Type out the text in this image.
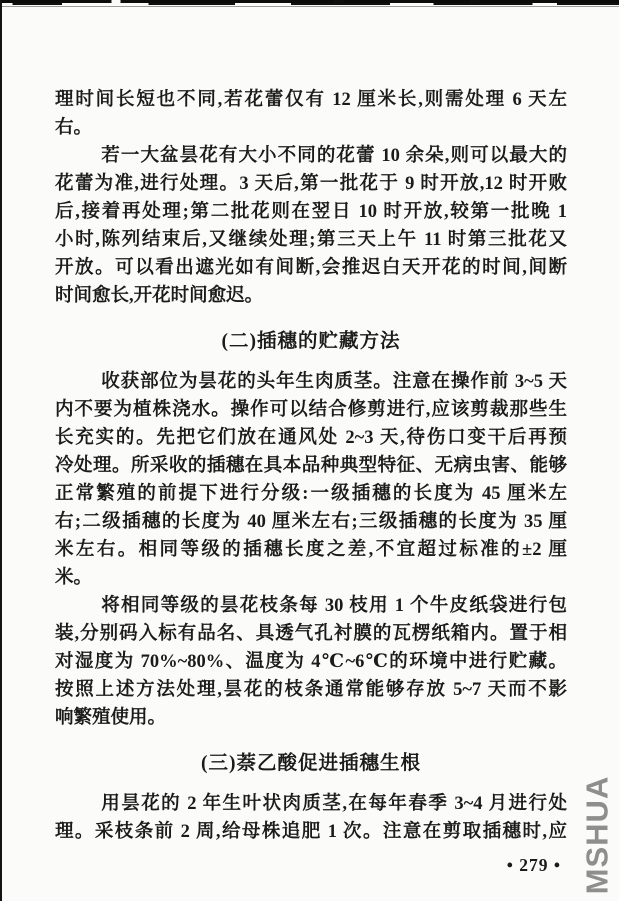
理时间长短也不同,若花蕾仅有 12 厘米长,则需处理 6 天左
右。
若一大盆昙花有大小不同的花蕾 10 余朵,则可以最大的
花蕾为准,进行处理。3 天后,第一批花于 9 时开放,12 时开败
后,接着再处理;第二批花则在翌日 10 时开放,较第一批晚 1
小时,陈列结束后,又继续处理;第三天上午 11 时第三批花又
开放。可以看出遮光如有间断,会推迟白天开花的时间,间断
时间愈长,开花时间愈迟。
(二)插穗的贮藏方法
收获部位为昙花的头年生肉质茎。注意在操作前 3~5 天
内不要为植株浇水。操作可以结合修剪进行,应该剪裁那些生
长充实的。先把它们放在通风处 2~3 天,待伤口变干后再预
冷处理。所采收的插穗在具本品种典型特征、无病虫害、能够
正常繁殖的前提下进行分级:一级插穗的长度为 45 厘米左
右;二级插穗的长度为 40 厘米左右;三级插穗的长度为 35 厘
米左右。相同等级的插穗长度之差,不宜超过标准的±2 厘
米。
将相同等级的昙花枝条每 30 枝用 1 个牛皮纸袋进行包
装,分别码入标有品名、具透气孔衬膜的瓦楞纸箱内。置于相
对湿度为 70%~80%、温度为 4℃~6℃的环境中进行贮藏。
按照上述方法处理,昙花的枝条通常能够存放 5~7 天而不影
响繁殖使用。
(三)萘乙酸促进插穗生根
用昙花的 2 年生叶状肉质茎,在每年春季 3~4 月进行处
理。采枝条前 2 周,给母株追肥 1 次。注意在剪取插穗时,应
• 279 • MSHUA
